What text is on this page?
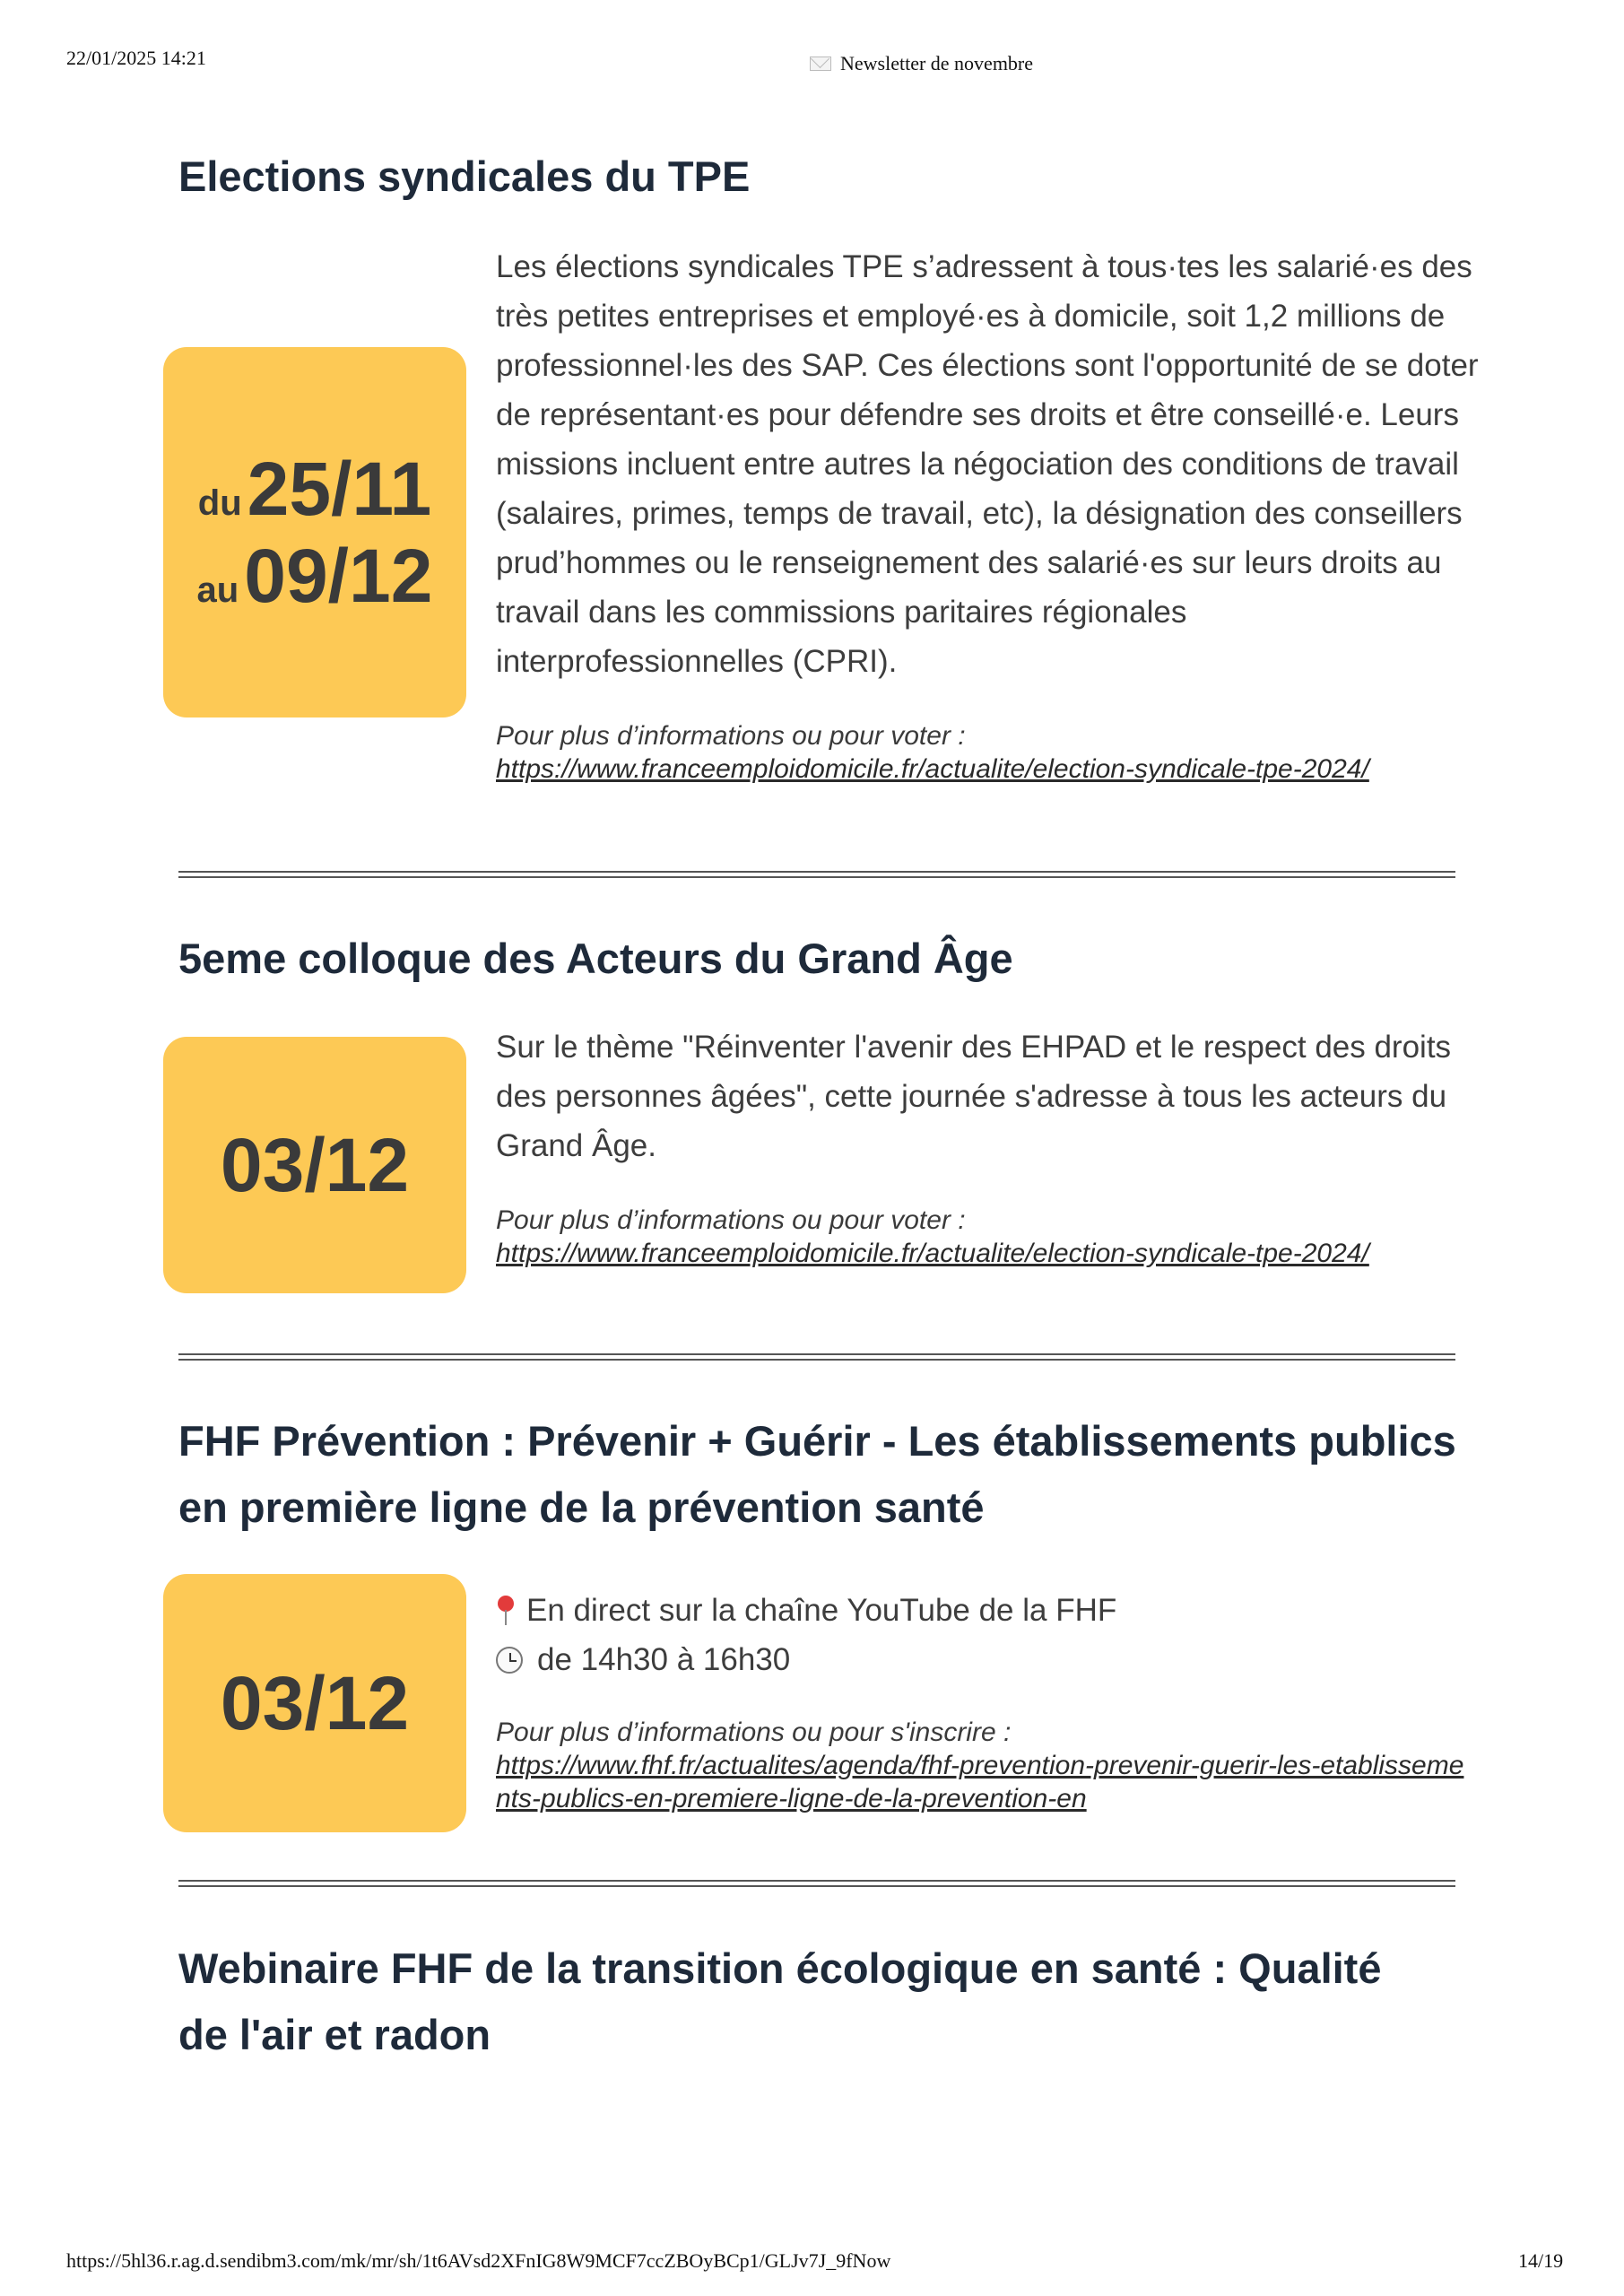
22/01/2025 14:21	Newsletter de novembre
Elections syndicales du TPE
du 25/11
au 09/12

Les élections syndicales TPE s’adressent à tous·tes les salarié·es des très petites entreprises et employé·es à domicile, soit 1,2 millions de professionnel·les des SAP. Ces élections sont l'opportunité de se doter de représentant·es pour défendre ses droits et être conseillé·e. Leurs missions incluent entre autres la négociation des conditions de travail (salaires, primes, temps de travail, etc), la désignation des conseillers prud’hommes ou le renseignement des salarié·es sur leurs droits au travail dans les commissions paritaires régionales interprofessionnelles (CPRI).

Pour plus d’informations ou pour voter :
https://www.franceemploidomicile.fr/actualite/election-syndicale-tpe-2024/
5eme colloque des Acteurs du Grand Âge
03/12

Sur le thème "Réinventer l'avenir des EHPAD et le respect des droits des personnes âgées", cette journée s'adresse à tous les acteurs du Grand Âge.

Pour plus d’informations ou pour voter :
https://www.franceemploidomicile.fr/actualite/election-syndicale-tpe-2024/
FHF Prévention : Prévenir + Guérir - Les établissements publics en première ligne de la prévention santé
03/12
En direct sur la chaîne YouTube de la FHF
de 14h30 à 16h30
Pour plus d’informations ou pour s'inscrire :
https://www.fhf.fr/actualites/agenda/fhf-prevention-prevenir-guerir-les-etablissements-publics-en-premiere-ligne-de-la-prevention-en
Webinaire FHF de la transition écologique en santé : Qualité de l'air et radon
https://5hl36.r.ag.d.sendibm3.com/mk/mr/sh/1t6AVsd2XFnIG8W9MCF7ccZBOyBCp1/GLJv7J_9fNow	14/19
